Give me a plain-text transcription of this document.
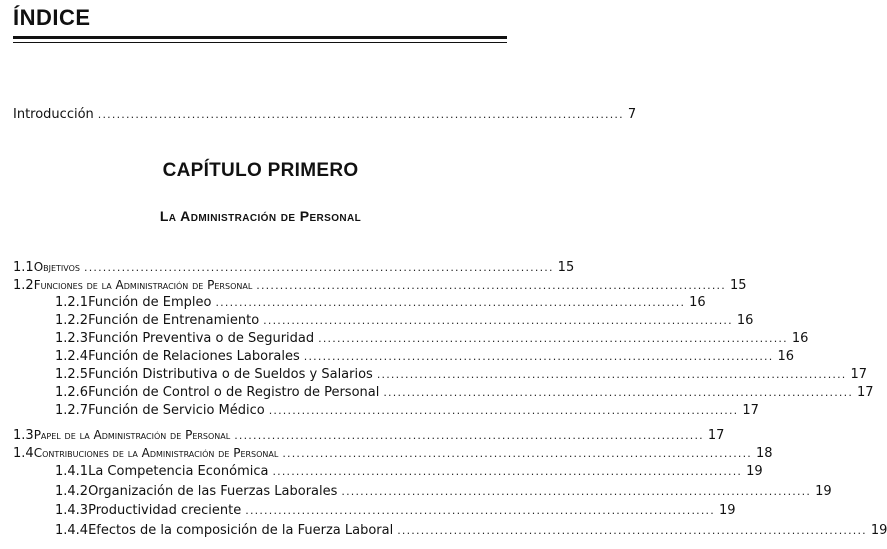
ÍNDICE
Introducción ................................................................................................................ 7
CAPÍTULO PRIMERO
La Administración de Personal
1.1 Objetivos .................................................................................................... 15
1.2 Funciones de la Administración de Personal .................................................................................................... 15
1.2.1 Función de Empleo .................................................................................................... 16
1.2.2 Función de Entrenamiento .................................................................................................... 16
1.2.3 Función Preventiva o de Seguridad .................................................................................................... 16
1.2.4 Función de Relaciones Laborales .................................................................................................... 16
1.2.5 Función Distributiva o de Sueldos y Salarios .................................................................................................... 17
1.2.6 Función de Control o de Registro de Personal .................................................................................................... 17
1.2.7 Función de Servicio Médico .................................................................................................... 17
1.3 Papel de la Administración de Personal .................................................................................................... 17
1.4 Contribuciones de la Administración de Personal .................................................................................................... 18
1.4.1 La Competencia Económica .................................................................................................... 19
1.4.2 Organización de las Fuerzas Laborales .................................................................................................... 19
1.4.3 Productividad creciente .................................................................................................... 19
1.4.4 Efectos de la composición de la Fuerza Laboral .................................................................................................... 19
